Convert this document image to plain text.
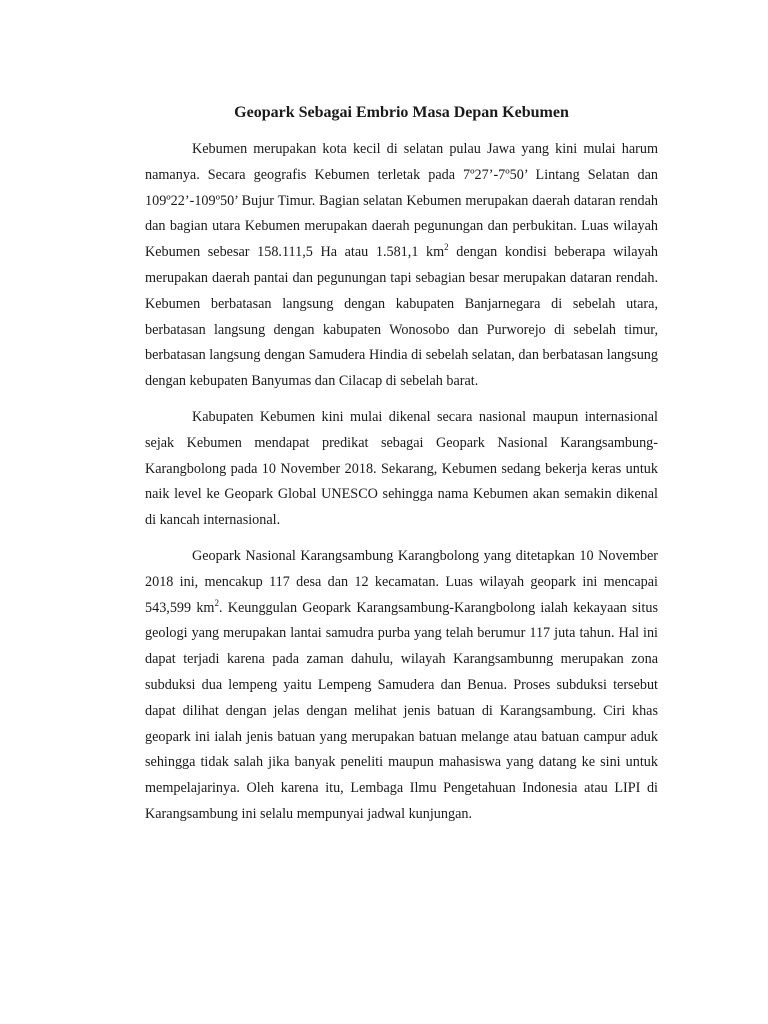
Geopark Sebagai Embrio Masa Depan Kebumen

Kebumen merupakan kota kecil di selatan pulau Jawa yang kini mulai harum namanya. Secara geografis Kebumen terletak pada 7º27’-7º50’ Lintang Selatan dan 109º22’-109º50’ Bujur Timur. Bagian selatan Kebumen merupakan daerah dataran rendah dan bagian utara Kebumen merupakan daerah pegunungan dan perbukitan. Luas wilayah Kebumen sebesar 158.111,5 Ha atau 1.581,1 $km^2$ dengan kondisi beberapa wilayah merupakan daerah pantai dan pegunungan tapi sebagian besar merupakan dataran rendah. Kebumen berbatasan langsung dengan kabupaten Banjarnegara di sebelah utara, berbatasan langsung dengan kabupaten Wonosobo dan Purworejo di sebelah timur, berbatasan langsung dengan Samudera Hindia di sebelah selatan, dan berbatasan langsung dengan kebupaten Banyumas dan Cilacap di sebelah barat.

Kabupaten Kebumen kini mulai dikenal secara nasional maupun internasional sejak Kebumen mendapat predikat sebagai Geopark Nasional Karangsambung-Karangbolong pada 10 November 2018. Sekarang, Kebumen sedang bekerja keras untuk naik level ke Geopark Global UNESCO sehingga nama Kebumen akan semakin dikenal di kancah internasional.

Geopark Nasional Karangsambung Karangbolong yang ditetapkan 10 November 2018 ini, mencakup 117 desa dan 12 kecamatan. Luas wilayah geopark ini mencapai 543,599 $km^2$. Keunggulan Geopark Karangsambung-Karangbolong ialah kekayaan situs geologi yang merupakan lantai samudra purba yang telah berumur 117 juta tahun. Hal ini dapat terjadi karena pada zaman dahulu, wilayah Karangsambunng merupakan zona subduksi dua lempeng yaitu Lempeng Samudera dan Benua. Proses subduksi tersebut dapat dilihat dengan jelas dengan melihat jenis batuan di Karangsambung. Ciri khas geopark ini ialah jenis batuan yang merupakan batuan melange atau batuan campur aduk sehingga tidak salah jika banyak peneliti maupun mahasiswa yang datang ke sini untuk mempelajarinya. Oleh karena itu, Lembaga Ilmu Pengetahuan Indonesia atau LIPI di Karangsambung ini selalu mempunyai jadwal kunjungan.
